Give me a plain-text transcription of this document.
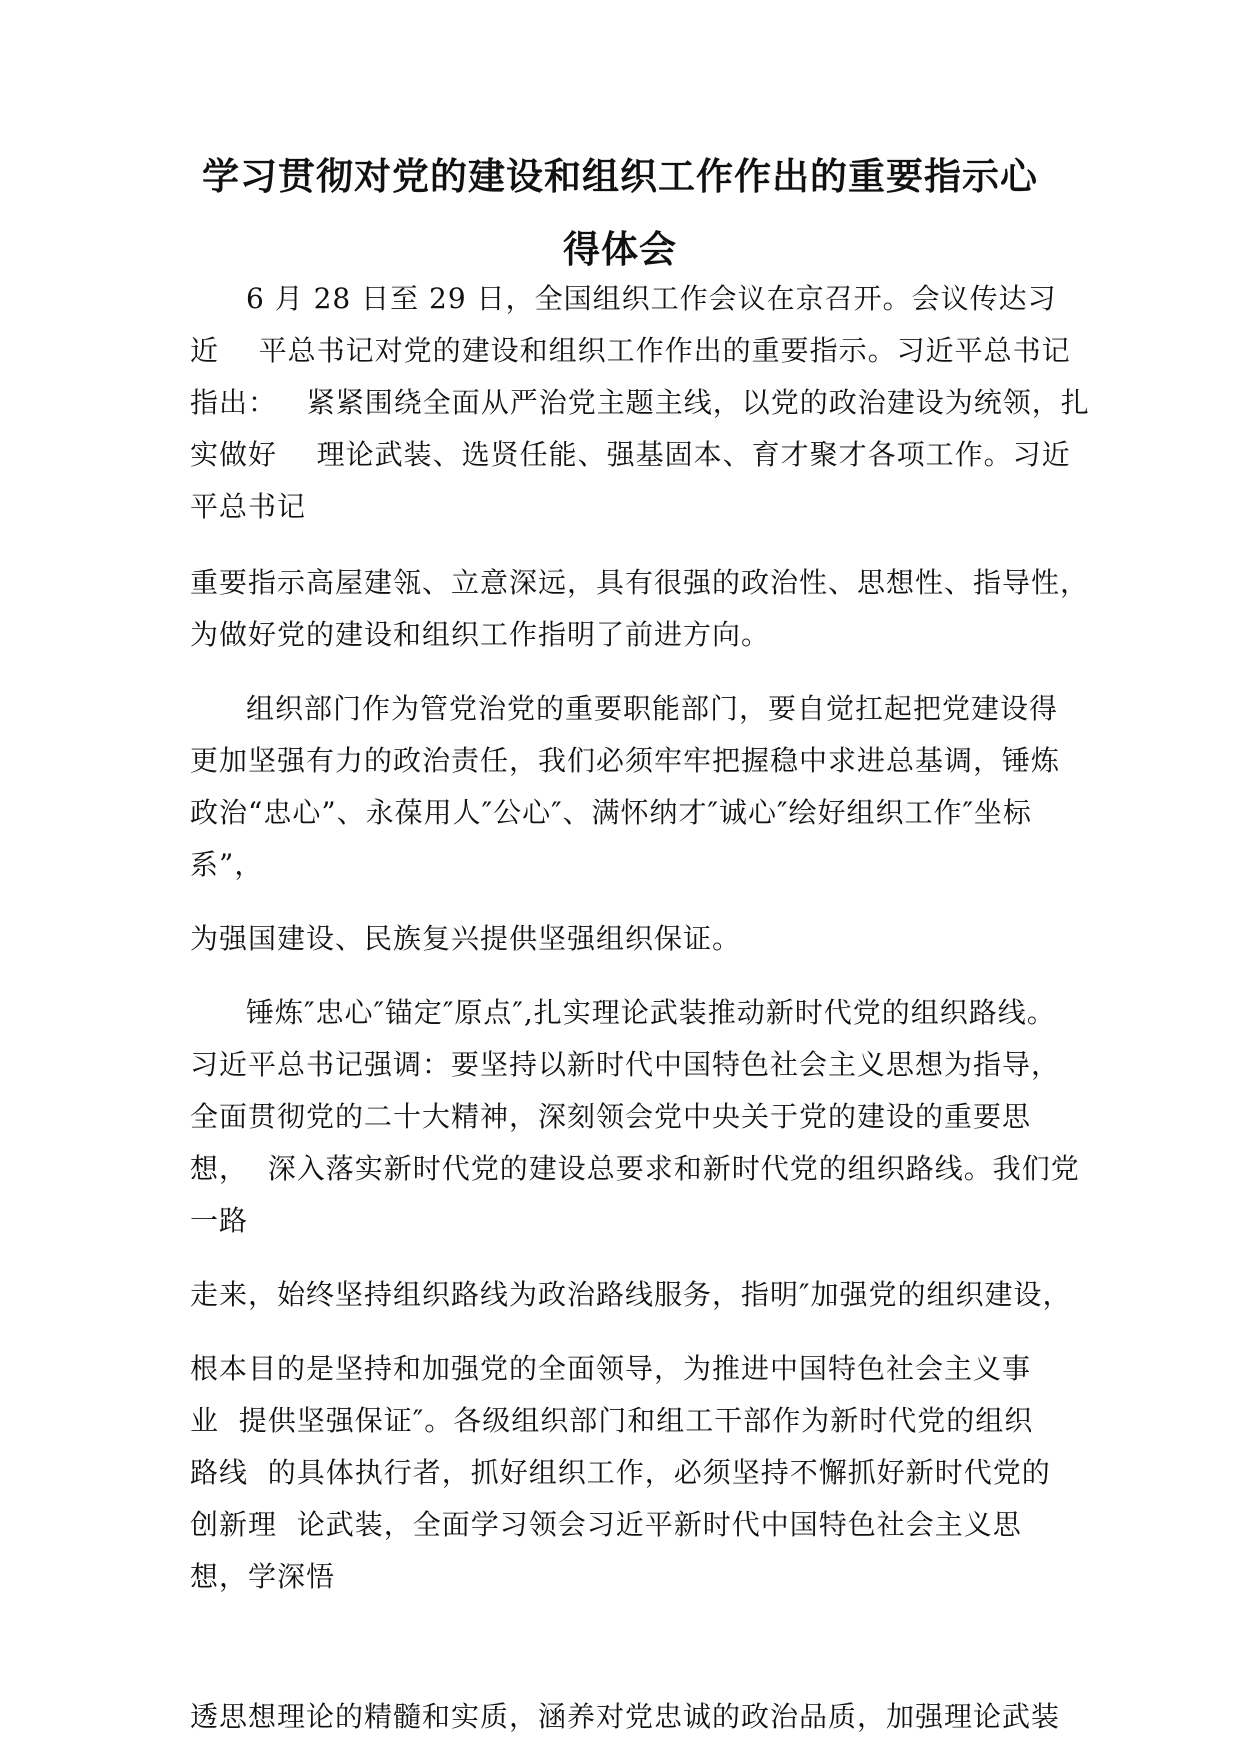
学习贯彻对党的建设和组织工作作出的重要指示心
得体会
6 月 28 日至 29 日，全国组织工作会议在京召开。会议传达习
近    平总书记对党的建设和组织工作作出的重要指示。习近平总书记
指出：   紧紧围绕全面从严治党主题主线，以党的政治建设为统领，扎
实做好    理论武装、选贤任能、强基固本、育才聚才各项工作。习近
平总书记
重要指示高屋建瓴、立意深远，具有很强的政治性、思想性、指导性，
为做好党的建设和组织工作指明了前进方向。
组织部门作为管党治党的重要职能部门，要自觉扛起把党建设得
更加坚强有力的政治责任，我们必须牢牢把握稳中求进总基调，锤炼
政治“忠心”、永葆用人″公心″、满怀纳才″诚心″绘好组织工作″坐标
系”，
为强国建设、民族复兴提供坚强组织保证。
锤炼″忠心″锚定″原点″,扎实理论武装推动新时代党的组织路线。
习近平总书记强调：要坚持以新时代中国特色社会主义思想为指导，
全面贯彻党的二十大精神，深刻领会党中央关于党的建设的重要思
想，  深入落实新时代党的建设总要求和新时代党的组织路线。我们党
一路
走来，始终坚持组织路线为政治路线服务，指明″加强党的组织建设，
根本目的是坚持和加强党的全面领导，为推进中国特色社会主义事
业  提供坚强保证″。各级组织部门和组工干部作为新时代党的组织
路线  的具体执行者，抓好组织工作，必须坚持不懈抓好新时代党的
创新理  论武装，全面学习领会习近平新时代中国特色社会主义思
想，学深悟
透思想理论的精髓和实质，涵养对党忠诚的政治品质，加强理论武装
